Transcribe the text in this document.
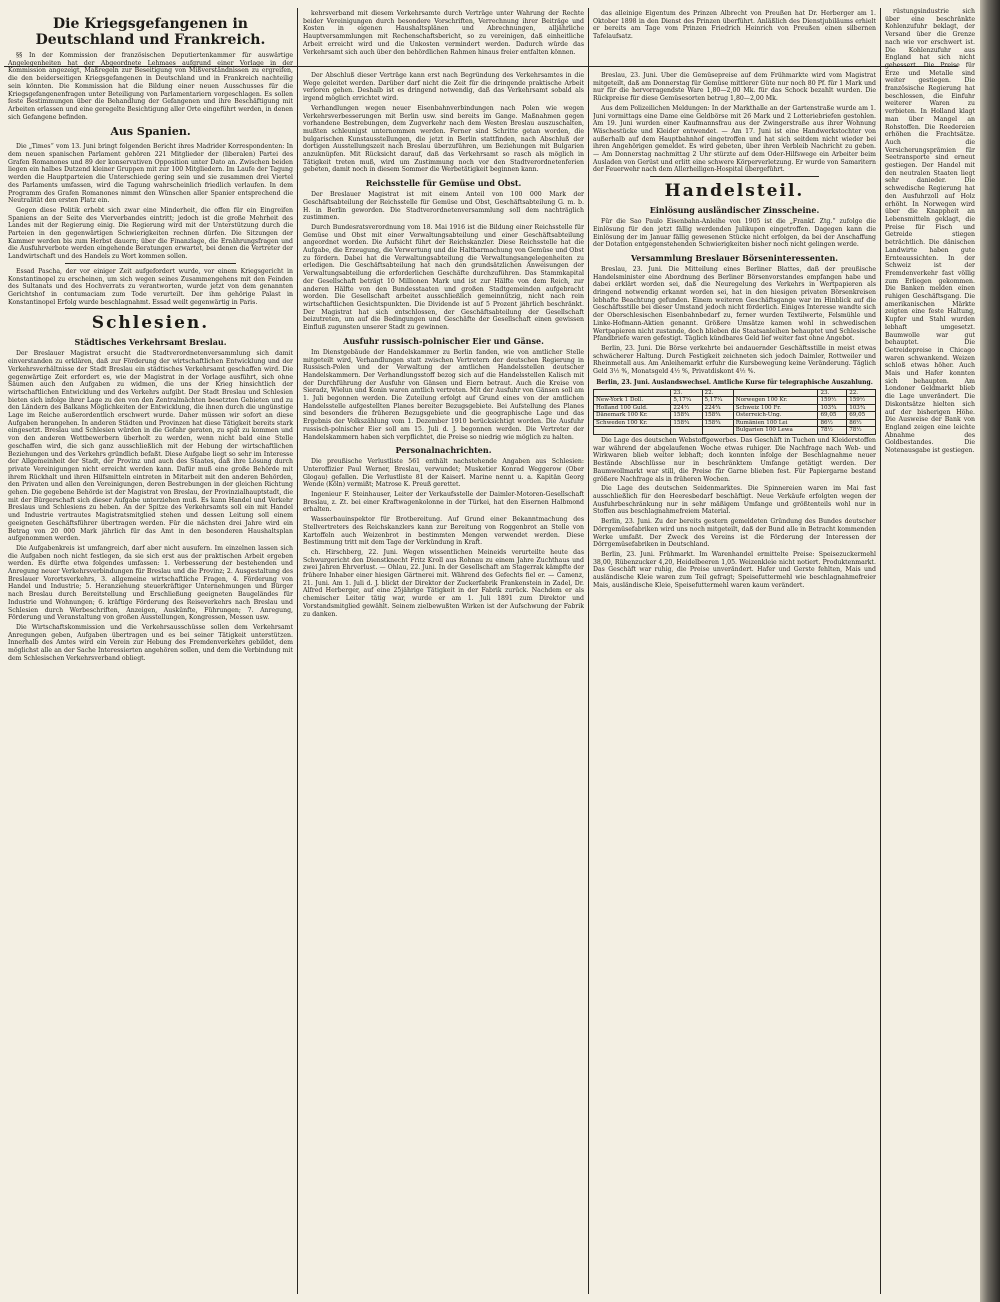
kehrsverband mit diesem Verkehrsamte durch Verträge unter Wahrung der Rechte beider Vereinigungen durch besondere Vorschriften, Verrechnung ihrer Beiträge und Kosten in eigenen Haushaltsplänen und Abrechnungen, alljährliche Hauptversammlungen mit Rechenschaftsbericht, so zu vereinigen, daß einheitliche Arbeit erreicht wird und die Unkosten vermindert werden. Dadurch würde das Verkehrsamt sich auch über den behördlichen Rahmen hinaus freier entfalten können.

das alleinige Eigentum des Prinzen Albrecht von Preußen hat Dr. Herberger am 1. Oktober 1898 in den Dienst des Prinzen überführt. Anläßlich des Dienstjubiläums erhielt er bereits am Tage vom Prinzen Friedrich Heinrich von Preußen einen silbernen Tafelaufsatz.

Die Kriegsgefangenen in Deutschland und Frankreich.

§§ In der Kommission der französischen Deputiertenkammer für auswärtige Angelegenheiten hat der Abgeordnete Lehmaes aufgrund einer Vorlage in der Kommission angezeigt, Maßregeln zur Beseitigung von Mißverständnissen zu ergreifen, die den beiderseitigen Kriegsgefangenen in Deutschland und in Frankreich nachteilig sein könnten. Die Kommission hat die Bildung einer neuen Ausschusses für die Kriegsgefangenenfragen unter Beteiligung von Parlamentariern vorgeschlagen. Es sollen feste Bestimmungen über die Behandlung der Gefangenen und ihre Beschäftigung mit Arbeiten erlassen und eine geregelte Besichtigung aller Orte eingeführt werden, in denen sich Gefangene befinden.

Aus Spanien.

Die „Times“ vom 13. Juni bringt folgenden Bericht ihres Madrider Korrespondenten: In dem neuen spanischen Parlament gehören 221 Mitglieder der (liberalen) Partei des Grafen Romanones und 89 der konservativen Opposition unter Dato an. Zwischen beiden liegen ein halbes Dutzend kleiner Gruppen mit zur 100 Mitgliedern. Im Laufe der Tagung werden die Hauptparteien die Unterschiede gering sein und sie zusammen drei Viertel des Parlaments umfassen, wird die Tagung wahrscheinlich friedlich verlaufen. In dem Programm des Grafen Romanones nimmt den Wünschen aller Spanier entsprechend die Neutralität den ersten Platz ein.

Gegen diese Politik erhebt sich zwar eine Minderheit, die offen für ein Eingreifen Spaniens an der Seite des Vierverbandes eintritt; jedoch ist die große Mehrheit des Landes mit der Regierung einig. Die Regierung wird mit der Unterstützung durch die Parteien in den gegenwärtigen Schwierigkeiten rechnen dürfen. Die Sitzungen der Kammer werden bis zum Herbst dauern; über die Finanzlage, die Ernährungsfragen und die Ausfuhrverbote werden eingehende Beratungen erwartet, bei denen die Vertreter der Landwirtschaft und des Handels zu Wort kommen sollen.

Essad Pascha, der vor einiger Zeit aufgefordert wurde, vor einem Kriegsgericht in Konstantinopel zu erscheinen, um sich wegen seines Zusammengehens mit den Feinden des Sultanats und des Hochverrats zu verantworten, wurde jetzt von dem genannten Gerichtshof in contumaciam zum Tode verurteilt. Der ihm gehörige Palast in Konstantinopel Erfolg wurde beschlagnahmt. Essad weilt gegenwärtig in Paris.

Schlesien.
Städtisches Verkehrsamt Breslau.

Der Breslauer Magistrat ersucht die Stadtverordnetenversammlung sich damit einverstanden zu erklären, daß zur Förderung der wirtschaftlichen Entwicklung und der Verkehrsverhältnisse der Stadt Breslau ein städtisches Verkehrsamt geschaffen wird. Die gegenwärtige Zeit erfordert es, wie der Magistrat in der Vorlage ausführt, sich ohne Säumen auch den Aufgaben zu widmen, die uns der Krieg hinsichtlich der wirtschaftlichen Entwicklung und des Verkehrs aufgibt. Der Stadt Breslau und Schlesien bieten sich infolge ihrer Lage zu den von den Zentralmächten besetzten Gebieten und zu den Ländern des Balkans Möglichkeiten der Entwicklung, die ihnen durch die ungünstige Lage im Reiche außerordentlich erschwert wurde. Daher müssen wir sofort an diese Aufgaben herangehen. In anderen Städten und Provinzen hat diese Tätigkeit bereits stark eingesetzt. Breslau und Schlesien würden in die Gefahr geraten, zu spät zu kommen und von den anderen Wettbewerbern überholt zu werden, wenn nicht bald eine Stelle geschaffen wird, die sich ganz ausschließlich mit der Hebung der wirtschaftlichen Beziehungen und des Verkehrs gründlich befaßt. Diese Aufgabe liegt so sehr im Interesse der Allgemeinheit der Stadt, der Provinz und auch des Staates, daß ihre Lösung durch private Vereinigungen nicht erreicht werden kann. Dafür muß eine große Behörde mit ihrem Rückhalt und ihren Hilfsmitteln eintreten in Mitarbeit mit den anderen Behörden, den Privaten und allen den Vereinigungen, deren Bestrebungen in der gleichen Richtung gehen. Die gegebene Behörde ist der Magistrat von Breslau, der Provinzialhauptstadt, die mit der Bürgerschaft sich dieser Aufgabe unterziehen muß. Es kann Handel und Verkehr Breslaus und Schlesiens zu heben. An der Spitze des Verkehrsamts soll ein mit Handel und Industrie vertrautes Magistratsmitglied stehen und dessen Leitung soll einem geeigneten Geschäftsführer übertragen werden. Für die nächsten drei Jahre wird ein Betrag von 20 000 Mark jährlich für das Amt in den besonderen Haushaltsplan aufgenommen werden.

Die Aufgabenkreis ist umfangreich, darf aber nicht ausufern. Im einzelnen lassen sich die Aufgaben noch nicht festlegen, da sie sich erst aus der praktischen Arbeit ergeben werden. Es dürfte etwa folgendes umfassen: 1. Verbesserung der bestehenden und Anregung neuer Verkehrsverbindungen für Breslau und die Provinz; 2. Ausgestaltung des Breslauer Vorortsverkehrs, 3. allgemeine wirtschaftliche Fragen, 4. Förderung von Handel und Industrie; 5. Heranziehung steuerkräftiger Unternehmungen und Bürger nach Breslau durch Bereitstellung und Erschließung geeigneten Baugeländes für Industrie und Wohnungen; 6. kräftige Förderung des Reiseverkehrs nach Breslau und Schlesien durch Werbeschriften, Anzeigen, Auskünfte, Führungen; 7. Anregung, Förderung und Veranstaltung von großen Ausstellungen, Kongressen, Messen usw.

Die Wirtschaftskommission und die Verkehrsausschüsse sollen dem Verkehrsamt Anregungen geben, Aufgaben übertragen und es bei seiner Tätigkeit unterstützen. Innerhalb des Amtes wird ein Verein zur Hebung des Fremdenverkehrs gebildet, dem möglichst alle an der Sache Interessierten angehören sollen, und dem die Verbindung mit dem Schlesischen Verkehrsverband obliegt.

Der Abschluß dieser Verträge kann erst nach Begründung des Verkehrsamtes in die Wege geleitet werden. Darüber darf nicht die Zeit für die dringende praktische Arbeit verloren gehen. Deshalb ist es dringend notwendig, daß das Verkehrsamt sobald als irgend möglich errichtet wird.

Verhandlungen wegen neuer Eisenbahnverbindungen nach Polen wie wegen Verkehrsverbesserungen mit Berlin usw. sind bereits im Gange. Maßnahmen gegen vorhandene Bestrebungen, dem Zugverkehr nach dem Westen Breslau auszuschalten, mußten schleunigst unternommen werden. Ferner sind Schritte getan worden, die bulgarischen Kunstausstellungen, die jetzt in Berlin stattfinden, nach Abschluß der dortigen Ausstellungszeit nach Breslau überzuführen, um Beziehungen mit Bulgarien anzuknüpfen. Mit Rücksicht darauf, daß das Verkehrsamt so rasch als möglich in Tätigkeit treten muß, wird um Zustimmung noch vor den Stadtverordnetenferien gebeten, damit noch in diesem Sommer die Werbetätigkeit beginnen kann.

Reichsstelle für Gemüse und Obst.

Der Breslauer Magistrat ist mit einem Anteil von 100 000 Mark der Geschäftsabteilung der Reichsstelle für Gemüse und Obst, Geschäftsabteilung G. m. b. H. in Berlin geworden. Die Stadtverordnetenversammlung soll dem nachträglich zustimmen.

Durch Bundesratsverordnung vom 18. Mai 1916 ist die Bildung einer Reichsstelle für Gemüse und Obst mit einer Verwaltungsabteilung und einer Geschäftsabteilung angeordnet worden. Die Aufsicht führt der Reichskanzler. Diese Reichsstelle hat die Aufgabe, die Erzeugung, die Verwertung und die Haltbarmachung von Gemüse und Obst zu fördern. Dabei hat die Verwaltungsabteilung die Verwaltungsangelegenheiten zu erledigen. Die Geschäftsabteilung hat nach den grundsätzlichen Anweisungen der Verwaltungsabteilung die erforderlichen Geschäfte durchzuführen. Das Stammkapital der Gesellschaft beträgt 10 Millionen Mark und ist zur Hälfte von dem Reich, zur anderen Hälfte von den Bundesstaaten und großen Stadtgemeinden aufgebracht worden. Die Gesellschaft arbeitet ausschließlich gemeinnützig, nicht nach rein wirtschaftlichen Gesichtspunkten. Die Dividende ist auf 5 Prozent jährlich beschränkt. Der Magistrat hat sich entschlossen, der Geschäftsabteilung der Gesellschaft beizutreten, um auf die Bedingungen und Geschäfte der Gesellschaft einen gewissen Einfluß zugunsten unserer Stadt zu gewinnen.

Ausfuhr russisch-polnischer Eier und Gänse.

Im Dienstgebäude der Handelskammer zu Berlin fanden, wie von amtlicher Stelle mitgeteilt wird, Verhandlungen statt zwischen Vertretern der deutschen Regierung in Russisch-Polen und der Verwaltung der amtlichen Handelsstellen deutscher Handelskammern. Der Verhandlungsstoff bezog sich auf die Handelsstellen Kalisch mit der Durchführung der Ausfuhr von Gänsen und Eiern betraut. Auch die Kreise von Sieradz, Wielun und Konin waren amtlich vertreten. Mit der Ausfuhr von Gänsen soll am 1. Juli begonnen werden. Die Zuteilung erfolgt auf Grund eines von der amtlichen Handelsstelle aufgestellten Planes bereiter Bezugsgebiete. Bei Aufstellung des Planes sind besonders die früheren Bezugsgebiete und die geographische Lage und das Ergebnis der Volkszählung vom 1. Dezember 1910 berücksichtigt worden. Die Ausfuhr russisch-polnischer Eier soll am 15. Juli d. J. begonnen werden. Die Vertreter der Handelskammern haben sich verpflichtet, die Preise so niedrig wie möglich zu halten.

Personalnachrichten.

Die preußische Verlustliste 561 enthält nachstehende Angaben aus Schlesien: Unteroffizier Paul Werner, Breslau, verwundet; Musketier Konrad Weggerow (Ober Glogau) gefallen. Die Verlustliste 81 der Kaiserl. Marine nennt u. a. Kapitän Georg Wende (Köln) vermißt; Matrose K. Preuß gerettet.

Ingenieur F. Steinhauser, Leiter der Verkaufsstelle der Daimler-Motoren-Gesellschaft Breslau, z. Zt. bei einer Kraftwagenkolonne in der Türkei, hat den Eisernen Halbmond erhalten.

Wasserbauinspektor für Brotbereitung. Auf Grund einer Bekanntmachung des Stellvertreters des Reichskanzlers kann zur Bereitung von Roggenbrot an Stelle von Kartoffeln auch Weizenbrot in bestimmten Mengen verwendet werden. Diese Bestimmung tritt mit dem Tage der Verkündung in Kraft.

ch. Hirschberg, 22. Juni. Wegen wissentlichen Meineids verurteilte heute das Schwurgericht den Dienstknecht Fritz Kroll aus Rohnau zu einem Jahre Zuchthaus und zwei Jahren Ehrverlust. — Ohlau, 22. Juni. In der Gesellschaft am Stagerrak kämpfte der frühere Inhaber einer hiesigen Gärtnerei mit. Während des Gefechts fiel er. — Camenz, 21. Juni. Am 1. Juli d. J. blickt der Direktor der Zuckerfabrik Frankenstein in Zadel, Dr. Alfred Herberger, auf eine 25jährige Tätigkeit in der Fabrik zurück. Nachdem er als chemischer Leiter tätig war, wurde er am 1. Juli 1891 zum Direktor und Vorstandsmitglied gewählt. Seinem zielbewußten Wirken ist der Aufschwung der Fabrik zu danken.

Breslau, 23. Juni. Über die Gemüsepreise auf dem Frühmarkte wird vom Magistrat mitgeteilt, daß am Donnerstag für Gemüse mittlerer Güte nur noch 80 Pf. für 1 Mark und nur für die hervorragendste Ware 1,80—2,00 Mk. für das Schock bezahlt wurden. Die Rückpreise für diese Gemüsesorten betrug 1,80—2,00 Mk.

Aus dem Polizeilichen Meldungen: In der Markthalle an der Gartenstraße wurde am 1. Juni vormittags eine Dame eine Geldbörse mit 26 Mark und 2 Lotteriebriefen gestohlen. Am 19. Juni wurden einer Kaufmannsfrau aus der Zwingerstraße aus ihrer Wohnung Wäschestücke und Kleider entwendet. — Am 17. Juni ist eine Handwerkstochter von außerhalb auf dem Hauptbahnhof eingetroffen und hat sich seitdem nicht wieder bei ihren Angehörigen gemeldet. Es wird gebeten, über ihren Verbleib Nachricht zu geben. — Am Donnerstag nachmittag 2 Uhr stürzte auf dem Oder-Hilfswege ein Arbeiter beim Ausladen von Gerüst und erlitt eine schwere Körperverletzung. Er wurde von Samaritern der Feuerwehr nach dem Allerheiligen-Hospital übergeführt.

Handelsteil.
Einlösung ausländischer Zinsscheine.

Für die Sao Paulo Eisenbahn-Anleihe von 1905 ist die „Frankf. Ztg.“ zufolge die Einlösung für den jetzt fällig werdenden Julikupon eingetroffen. Dagegen kann die Einlösung der im Januar fällig gewesenen Stücke nicht erfolgen, da bei der Anschaffung der Dotation entgegenstehenden Schwierigkeiten bisher noch nicht gelingen werde.

Versammlung Breslauer Börseninteressenten.

Breslau, 23. Juni. Die Mitteilung eines Berliner Blattes, daß der preußische Handelsminister eine Abordnung des Berliner Börsenvorstandes empfangen habe und dabei erklärt worden sei, daß die Neuregelung des Verkehrs in Wertpapieren als dringend notwendig erkannt worden sei, hat in den hiesigen privaten Börsenkreisen lebhafte Beachtung gefunden. Einem weiteren Geschäftsgange war im Hinblick auf die Geschäftsstille bei dieser Umstand jedoch nicht förderlich. Einiges Interesse wandte sich der Oberschlesischen Eisenbahnbedarf zu, ferner wurden Textilwerte, Felsmühle und Linke-Hofmann-Aktien genannt. Größere Umsätze kamen wohl in schwedischen Wertpapieren nicht zustande, doch blieben die Staatsanleihen behauptet und Schlesische Pfandbriefe waren gefestigt. Täglich kündbares Geld lief weiter fast ohne Angebot.

Berlin, 23. Juni. Die Börse verkehrte bei andauernder Geschäftsstille in meist etwas schwächerer Haltung. Durch Festigkeit zeichneten sich jedoch Daimler, Rottweiler und Rheinmetall aus. Am Anleihemarkt erfuhr die Kursbewegung keine Veränderung. Täglich Geld 3½ %, Monatsgeld 4½ %, Privatdiskont 4½ %.

Berlin, 23. Juni. Auslandswechsel. Amtliche Kurse für telegraphische Auszahlung.
	23.	22.		23.	22.
New-York 1 Doll.	5,17¼	5,17¼	Norwegen 100 Kr.	159½	159½
Holland 100 Guld.	224½	224¾	Schweiz 100 Fr.	103¾	103¾
Dänemark 100 Kr.	158¾	158¾	Österreich-Ung.	69,05	69,05
Schweden 100 Kr.	158¾	158¾	Rumänien 100 Lei	86½	86½
			Bulgarien 100 Lewa	78½	78½

Die Lage des deutschen Webstoffgewerbes. Das Geschäft in Tuchen und Kleiderstoffen war während der abgelaufenen Woche etwas ruhiger. Die Nachfrage nach Web- und Wirkwaren blieb weiter lebhaft; doch konnten infolge der Beschlagnahme neuer Bestände Abschlüsse nur in beschränktem Umfange getätigt werden. Der Baumwollmarkt war still, die Preise für Garne blieben fest. Für Papiergarne bestand größere Nachfrage als in früheren Wochen.

Die Lage des deutschen Seidenmarktes. Die Spinnereien waren im Mai fast ausschließlich für den Heeresbedarf beschäftigt. Neue Verkäufe erfolgten wegen der Ausfuhrbeschränkung nur in sehr mäßigem Umfange und größtenteils wohl nur in Stoffen aus beschlagnahmefreiem Material.

Berlin, 23. Juni. Zu der bereits gestern gemeldeten Gründung des Bundes deutscher Dörrgemüsefabriken wird uns noch mitgeteilt, daß der Bund alle in Betracht kommenden Werke umfaßt. Der Zweck des Vereins ist die Förderung der Interessen der Dörrgemüsefabriken in Deutschland.

Berlin, 23. Juni. Frühmarkt. Im Warenhandel ermittelte Preise: Speisezuckermehl 38,00, Rübenzucker 4,20, Heidelbeeren 1,05. Weizenkleie nicht notiert. Produktenmarkt. Das Geschäft war ruhig, die Preise unverändert. Hafer und Gerste fehlten, Mais und ausländische Kleie waren zum Teil gefragt; Speisefuttermehl wie beschlagnahmefreier Mais, ausländische Kleie, Speisefuttermehl waren kaum verändert.

rüstungsindustrie sich über eine beschränkte Kohlenzufuhr beklagt, der Versand über die Grenze nach wie vor erschwert ist. Die Kohlenzufuhr aus England hat sich nicht gebessert. Die Preise für Erze und Metalle sind weiter gestiegen. Die französische Regierung hat beschlossen, die Einfuhr weiterer Waren zu verbieten. In Holland klagt man über Mangel an Rohstoffen. Die Reedereien erhöhen die Frachtsätze. Auch die Versicherungsprämien für Seetransporte sind erneut gestiegen. Der Handel mit den neutralen Staaten liegt sehr danieder. Die schwedische Regierung hat den Ausfuhrzoll auf Holz erhöht. In Norwegen wird über die Knappheit an Lebensmitteln geklagt, die Preise für Fisch und Getreide stiegen beträchtlich. Die dänischen Landwirte haben gute Ernteaussichten. In der Schweiz ist der Fremdenverkehr fast völlig zum Erliegen gekommen. Die Banken melden einen ruhigen Geschäftsgang. Die amerikanischen Märkte zeigten eine feste Haltung, Kupfer und Stahl wurden lebhaft umgesetzt. Baumwolle war gut behauptet. Die Getreidepreise in Chicago waren schwankend. Weizen schloß etwas höher. Auch Mais und Hafer konnten sich behaupten. Am Londoner Geldmarkt blieb die Lage unverändert. Die Diskontsätze hielten sich auf der bisherigen Höhe. Die Ausweise der Bank von England zeigen eine leichte Abnahme des Goldbestandes. Die Notenausgabe ist gestiegen.
